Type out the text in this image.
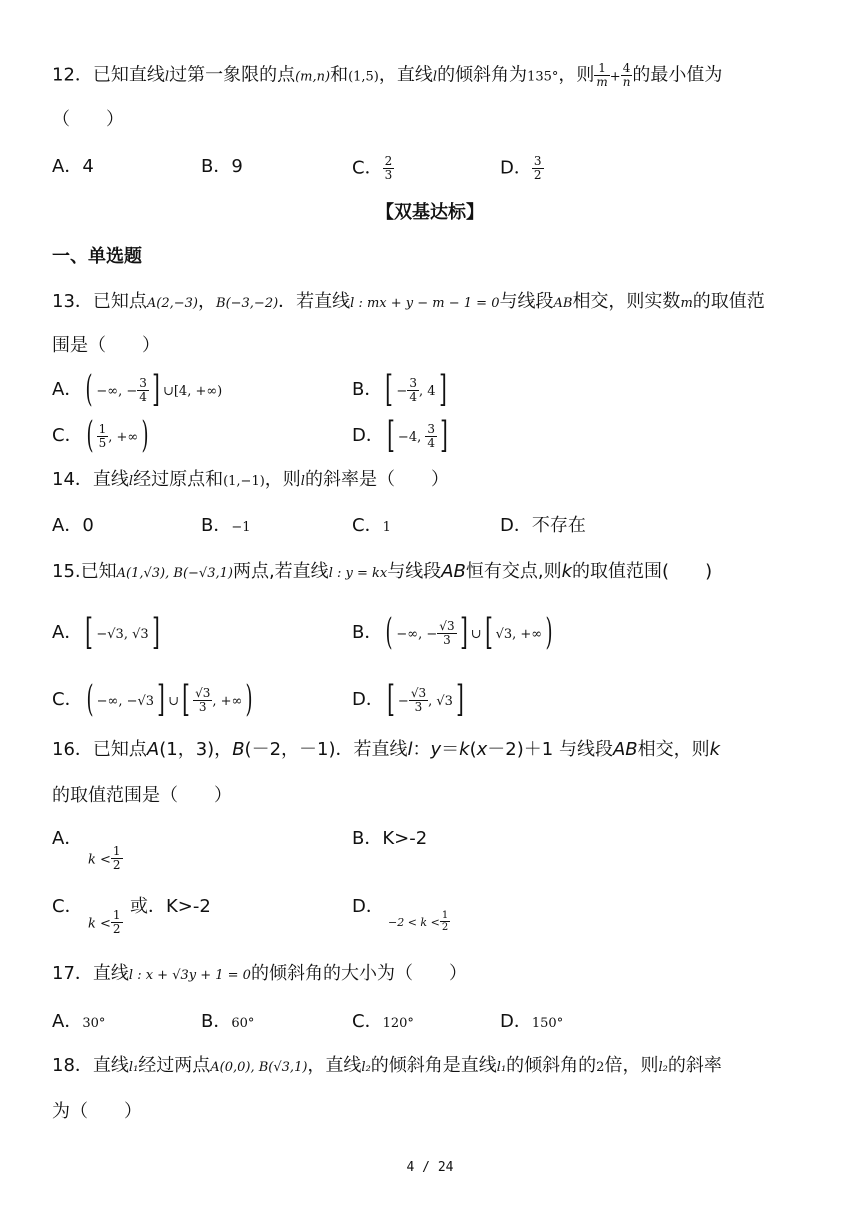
12．已知直线l过第一象限的点(m,n)和(1,5)，直线l的倾斜角为135°，则 $\frac{1}{m} + \frac{4}{n}$ 的最小值为
（　　）
A．4	B．9	C． $\frac{2}{3}$	D． $\frac{3}{2}$
【双基达标】
一、单选题
13．已知点A(2,−3)，B(−3,−2)．若直线l : mx + y − m − 1 = 0与线段AB相交，则实数m的取值范
围是（　　）
A．( −∞, − $\frac{3}{4}$ ] ∪[4, +∞)	B．[ − $\frac{3}{4}$ , 4]
C．( $\frac{1}{5}$ , +∞)	D．[ −4, $\frac{3}{4}$ ]
14．直线l经过原点和(1,−1)，则l的斜率是（　　）
A．0	B．−1	C．1	D．不存在
15.已知A(1,√3), B(−√3,1)两点,若直线l : y = kx与线段AB恒有交点,则k的取值范围(　　)
A．[ −√3, √3]	B．( −∞, − $\frac{√3}{3}$ ] ∪[ √3, +∞)
C．( −∞, −√3] ∪[ $\frac{√3}{3}$ , +∞)	D．[ − $\frac{√3}{3}$ , √3]
16．已知点A(1，3)，B(－2，－1)．若直线l：y＝k(x－2)＋1 与线段AB相交，则k
的取值范围是（　　）
A．
$k < \frac{1}{2}$
B．K>-2
C．
$k < \frac{1}{2}$
或．K>-2	D．
$-2 < k < \frac{1}{2}$
17．直线l : x + √3y + 1 = 0的倾斜角的大小为（　　）
A．30°	B．60°	C．120°	D．150°
18．直线l₁经过两点A(0,0), B(√3,1)，直线l₂的倾斜角是直线l₁的倾斜角的2倍，则l₂的斜率
为（　　）
4 / 24
